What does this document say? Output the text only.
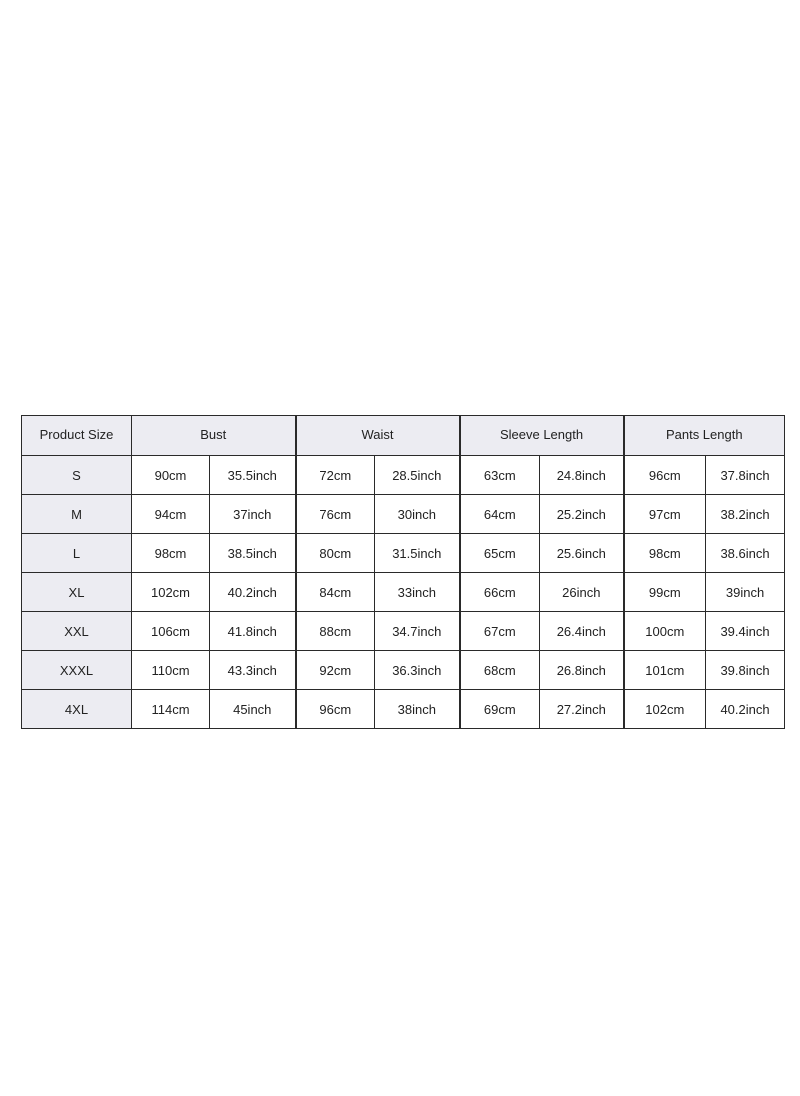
Product Size	Bust		Waist		Sleeve Length		Pants Length	
S	90cm	35.5inch	72cm	28.5inch	63cm	24.8inch	96cm	37.8inch
M	94cm	37inch	76cm	30inch	64cm	25.2inch	97cm	38.2inch
L	98cm	38.5inch	80cm	31.5inch	65cm	25.6inch	98cm	38.6inch
XL	102cm	40.2inch	84cm	33inch	66cm	26inch	99cm	39inch
XXL	106cm	41.8inch	88cm	34.7inch	67cm	26.4inch	100cm	39.4inch
XXXL	110cm	43.3inch	92cm	36.3inch	68cm	26.8inch	101cm	39.8inch
4XL	114cm	45inch	96cm	38inch	69cm	27.2inch	102cm	40.2inch
